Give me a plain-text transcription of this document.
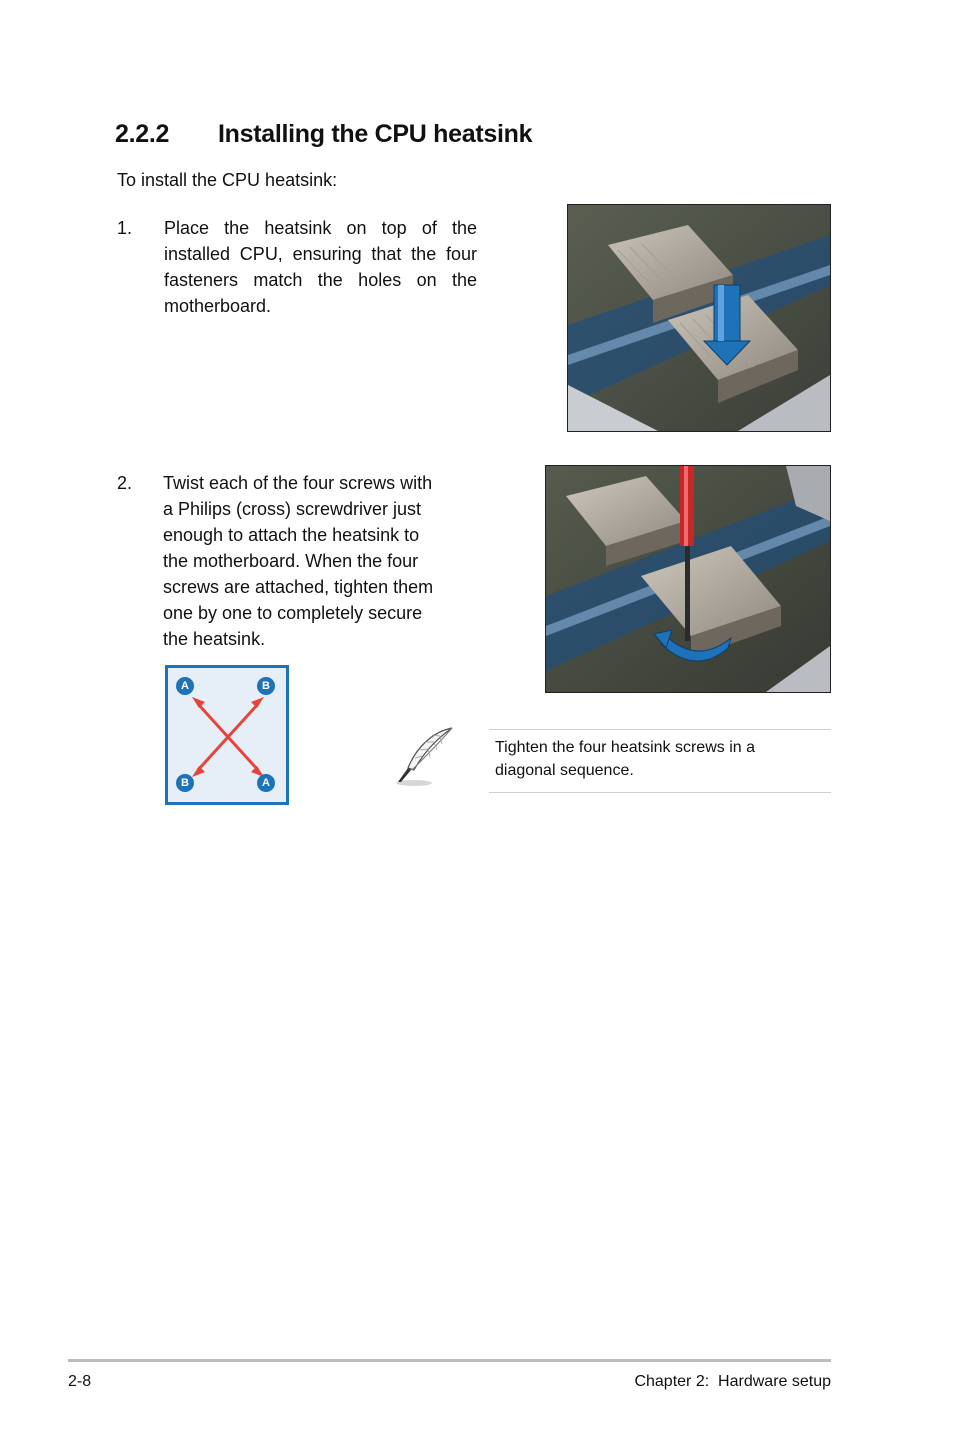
2.2.2 Installing the CPU heatsink
To install the CPU heatsink:
1. Place the heatsink on top of the
installed CPU, ensuring that the four
fasteners match the holes on the
motherboard.
2. Twist each of the four screws with
a Philips (cross) screwdriver just
enough to attach the heatsink to
the motherboard. When the four
screws are attached, tighten them
one by one to completely secure
the heatsink.
A	B
B	A
Tighten the four heatsink screws in a
diagonal sequence.
2-8	Chapter 2:  Hardware setup
